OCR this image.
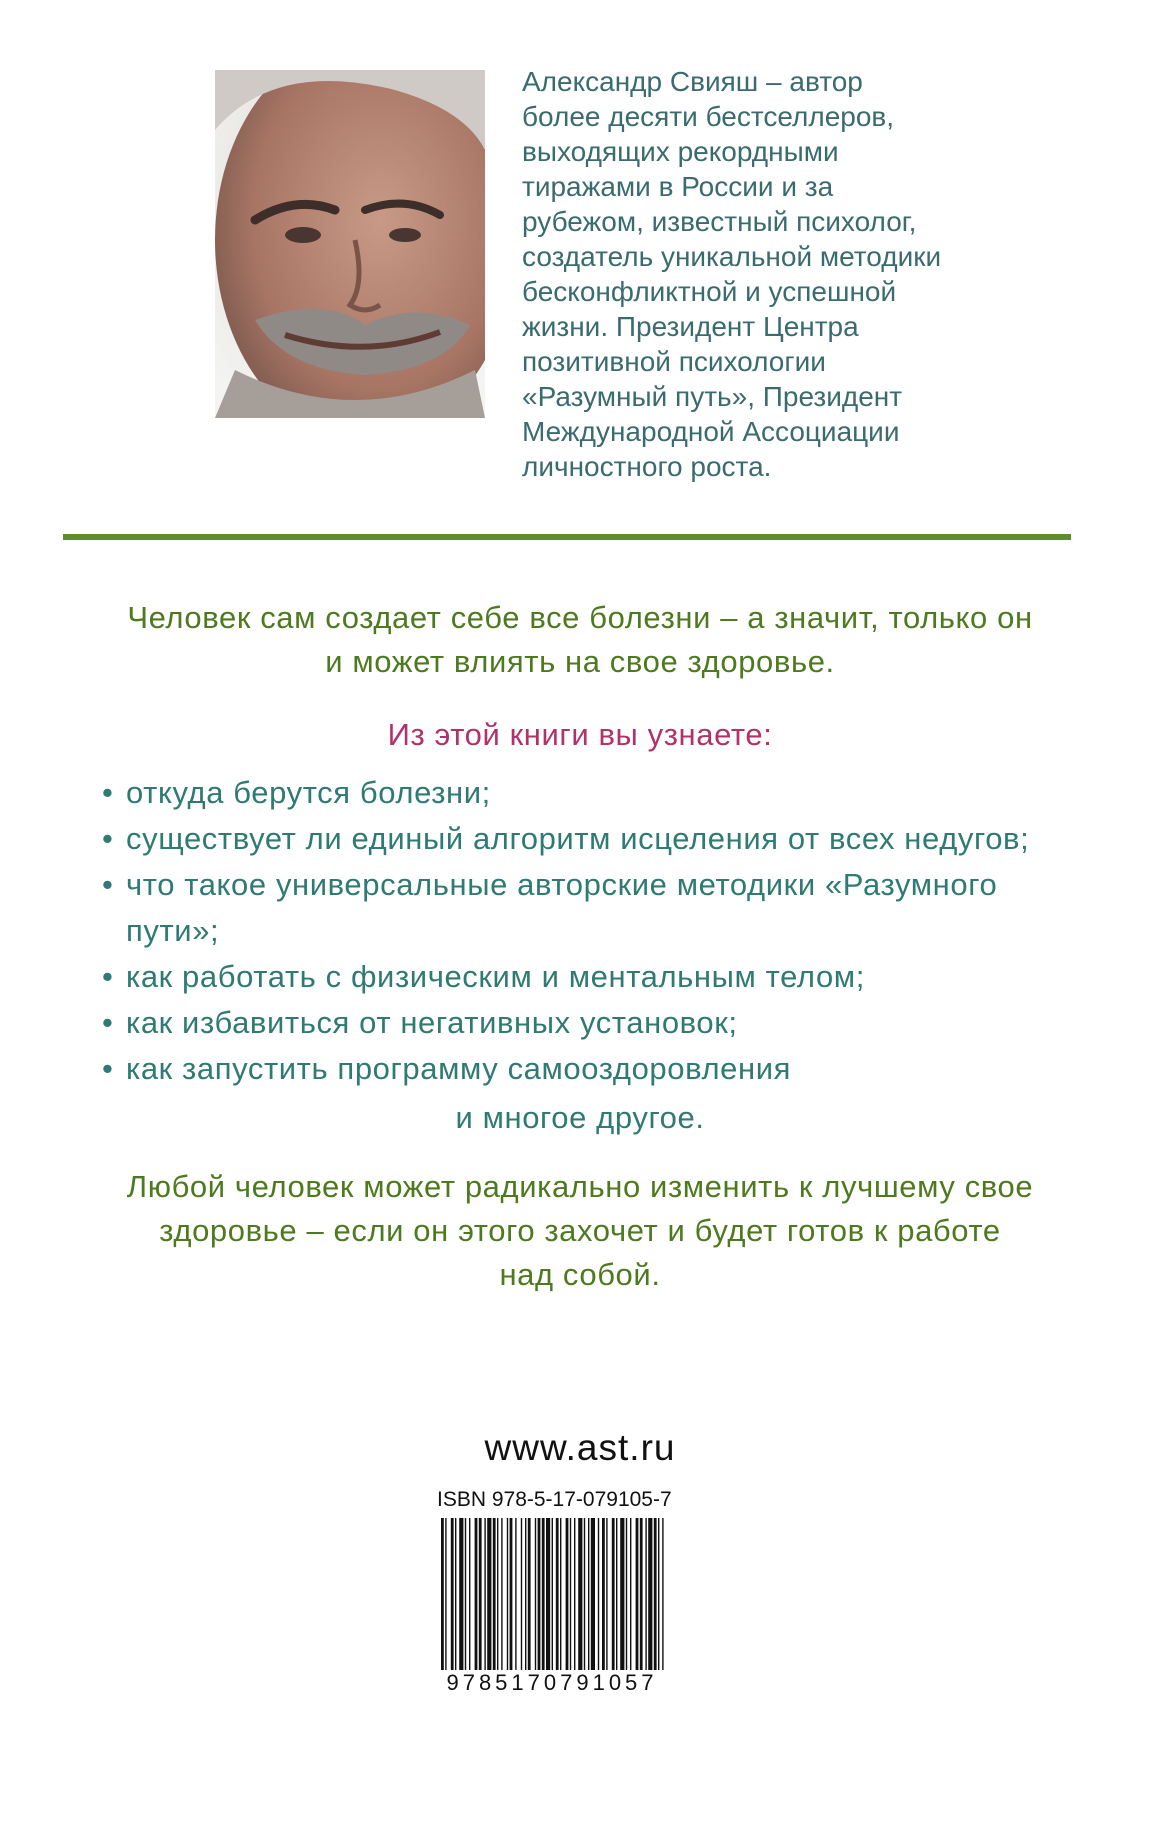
Александр Свияш – автор
более десяти бестселлеров,
выходящих рекордными
тиражами в России и за
рубежом, известный психолог,
создатель уникальной методики
бесконфликтной и успешной
жизни. Президент Центра
позитивной психологии
«Разумный путь», Президент
Международной Ассоциации
личностного роста.
Человек сам создает себе все болезни – а значит, только он
и может влиять на свое здоровье.
Из этой книги вы узнаете:
• откуда берутся болезни;
• существует ли единый алгоритм исцеления от всех недугов;
• что такое универсальные авторские методики «Разумного пути»;
• как работать с физическим и ментальным телом;
• как избавиться от негативных установок;
• как запустить программу самооздоровления
и многое другое.
Любой человек может радикально изменить к лучшему свое
здоровье – если он этого захочет и будет готов к работе
над собой.
www.ast.ru
ISBN 978-5-17-079105-7
9785170791057
